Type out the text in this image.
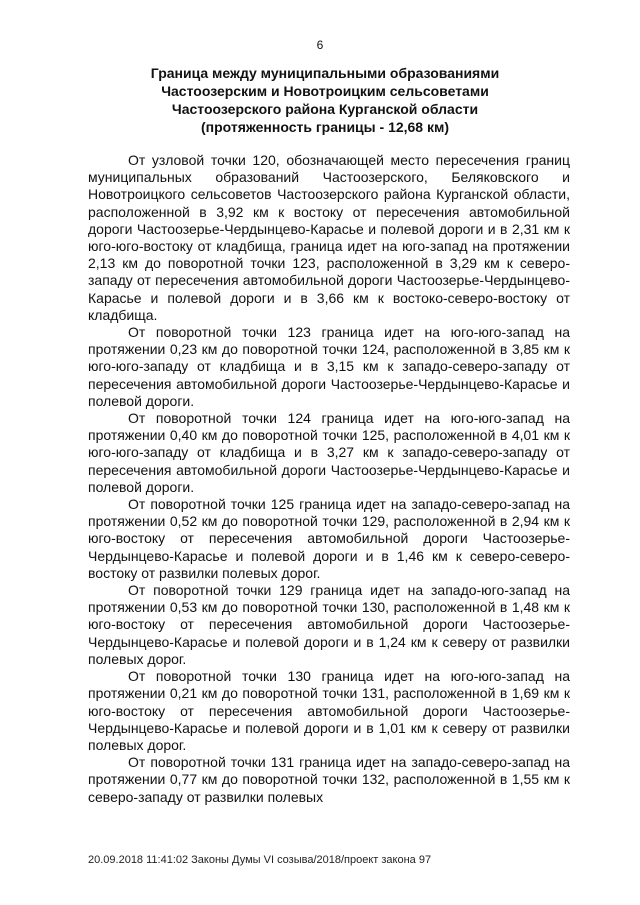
6
Граница между муниципальными образованиями
Частоозерским и Новотроицким сельсоветами
Частоозерского района Курганской области
(протяженность границы - 12,68 км)

От узловой точки 120, обозначающей место пересечения границ муниципальных образований Частоозерского, Беляковского и Новотроицкого сельсоветов Частоозерского района Курганской области, расположенной в 3,92 км к востоку от пересечения автомобильной дороги Частоозерье-Чердынцево-Карасье и полевой дороги и в 2,31 км к юго-юго-востоку от кладбища, граница идет на юго-запад на протяжении 2,13 км до поворотной точки 123, расположенной в 3,29 км к северо-западу от пересечения автомобильной дороги Частоозерье-Чердынцево-Карасье и полевой дороги и в 3,66 км к востоко-северо-востоку от кладбища.

От поворотной точки 123 граница идет на юго-юго-запад на протяжении 0,23 км до поворотной точки 124, расположенной в 3,85 км к юго-юго-западу от кладбища и в 3,15 км к западо-северо-западу от пересечения автомобильной дороги Частоозерье-Чердынцево-Карасье и полевой дороги.

От поворотной точки 124 граница идет на юго-юго-запад на протяжении 0,40 км до поворотной точки 125, расположенной в 4,01 км к юго-юго-западу от кладбища и в 3,27 км к западо-северо-западу от пересечения автомобильной дороги Частоозерье-Чердынцево-Карасье и полевой дороги.

От поворотной точки 125 граница идет на западо-северо-запад на протяжении 0,52 км до поворотной точки 129, расположенной в 2,94 км к юго-востоку от пересечения автомобильной дороги Частоозерье-Чердынцево-Карасье и полевой дороги и в 1,46 км к северо-северо-востоку от развилки полевых дорог.

От поворотной точки 129 граница идет на западо-юго-запад на протяжении 0,53 км до поворотной точки 130, расположенной в 1,48 км к юго-востоку от пересечения автомобильной дороги Частоозерье-Чердынцево-Карасье и полевой дороги и в 1,24 км к северу от развилки полевых дорог.

От поворотной точки 130 граница идет на юго-юго-запад на протяжении 0,21 км до поворотной точки 131, расположенной в 1,69 км к юго-востоку от пересечения автомобильной дороги Частоозерье-Чердынцево-Карасье и полевой дороги и в 1,01 км к северу от развилки полевых дорог.

От поворотной точки 131 граница идет на западо-северо-запад на протяжении 0,77 км до поворотной точки 132, расположенной в 1,55 км к северо-западу от развилки полевых

20.09.2018 11:41:02 Законы Думы VI созыва/2018/проект закона 97
